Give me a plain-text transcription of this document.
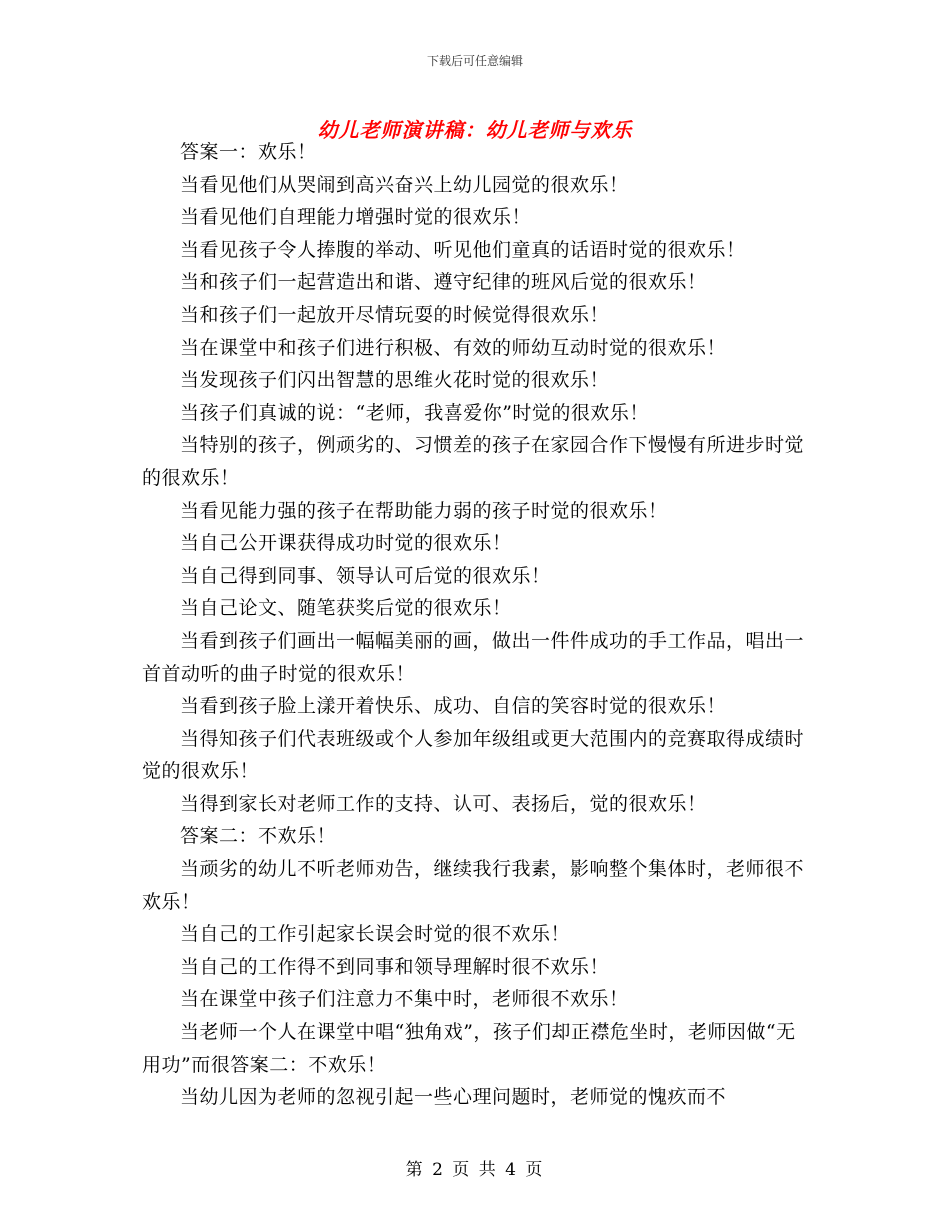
下载后可任意编辑
幼儿老师演讲稿：幼儿老师与欢乐

答案一：欢乐！

当看见他们从哭闹到高兴奋兴上幼儿园觉的很欢乐！

当看见他们自理能力增强时觉的很欢乐！

当看见孩子令人捧腹的举动、听见他们童真的话语时觉的很欢乐！

当和孩子们一起营造出和谐、遵守纪律的班风后觉的很欢乐！

当和孩子们一起放开尽情玩耍的时候觉得很欢乐！

当在课堂中和孩子们进行积极、有效的师幼互动时觉的很欢乐！

当发现孩子们闪出智慧的思维火花时觉的很欢乐！

当孩子们真诚的说：“老师，我喜爱你”时觉的很欢乐！

当特别的孩子，例顽劣的、习惯差的孩子在家园合作下慢慢有所进步时觉的很欢乐！

当看见能力强的孩子在帮助能力弱的孩子时觉的很欢乐！

当自己公开课获得成功时觉的很欢乐！

当自己得到同事、领导认可后觉的很欢乐！

当自己论文、随笔获奖后觉的很欢乐！

当看到孩子们画出一幅幅美丽的画，做出一件件成功的手工作品，唱出一首首动听的曲子时觉的很欢乐！

当看到孩子脸上漾开着快乐、成功、自信的笑容时觉的很欢乐！

当得知孩子们代表班级或个人参加年级组或更大范围内的竞赛取得成绩时觉的很欢乐！

当得到家长对老师工作的支持、认可、表扬后，觉的很欢乐！

答案二：不欢乐！

当顽劣的幼儿不听老师劝告，继续我行我素，影响整个集体时，老师很不欢乐！

当自己的工作引起家长误会时觉的很不欢乐！

当自己的工作得不到同事和领导理解时很不欢乐！

当在课堂中孩子们注意力不集中时，老师很不欢乐！

当老师一个人在课堂中唱“独角戏”，孩子们却正襟危坐时，老师因做“无用功”而很答案二：不欢乐！

当幼儿因为老师的忽视引起一些心理问题时，老师觉的愧疚而不

第 2 页 共 4 页
